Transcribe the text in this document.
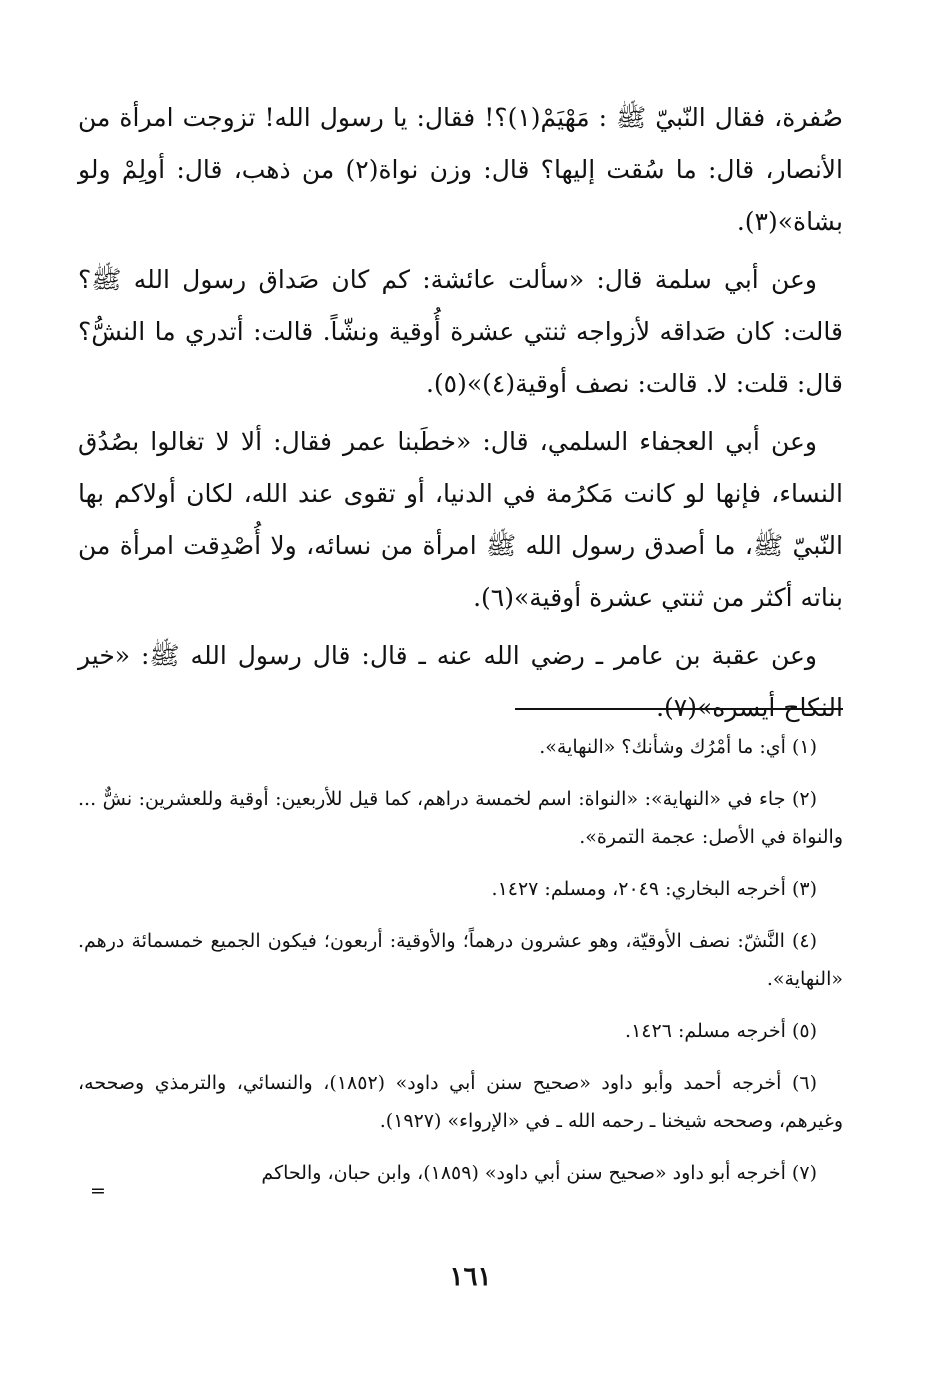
صُفرة، فقال النّبيّ ﷺ : مَهْيَمْ(١)؟! فقال: يا رسول الله! تزوجت امرأة من الأنصار، قال: ما سُقت إليها؟ قال: وزن نواة(٢) من ذهب، قال: أولِمْ ولو بشاة»(٣).

وعن أبي سلمة قال: «سألت عائشة: كم كان صَداق رسول الله ﷺ؟ قالت: كان صَداقه لأزواجه ثنتي عشرة أُوقية ونشّاً. قالت: أتدري ما النشُّ؟ قال: قلت: لا. قالت: نصف أوقية(٤)»(٥).

وعن أبي العجفاء السلمي، قال: «خطَبنا عمر فقال: ألا لا تغالوا بصُدُق النساء، فإنها لو كانت مَكرُمة في الدنيا، أو تقوى عند الله، لكان أولاكم بها النّبيّ ﷺ، ما أصدق رسول الله ﷺ امرأة من نسائه، ولا أُصْدِقت امرأة من بناته أكثر من ثنتي عشرة أوقية»(٦).

وعن عقبة بن عامر ـ رضي الله عنه ـ قال: قال رسول الله ﷺ: «خير النكاح أيسره»(٧).

(١) أي: ما أمْرُك وشأنك؟ «النهاية».

(٢) جاء في «النهاية»: «النواة: اسم لخمسة دراهم، كما قيل للأربعين: أوقية وللعشرين: نشٌّ ... والنواة في الأصل: عجمة التمرة».

(٣) أخرجه البخاري: ٢٠٤٩، ومسلم: ١٤٢٧.

(٤) النَّشّ: نصف الأوقيّة، وهو عشرون درهماً؛ والأوقية: أربعون؛ فيكون الجميع خمسمائة درهم. «النهاية».

(٥) أخرجه مسلم: ١٤٢٦.

(٦) أخرجه أحمد وأبو داود «صحيح سنن أبي داود» (١٨٥٢)، والنسائي، والترمذي وصححه، وغيرهم، وصححه شيخنا ـ رحمه الله ـ في «الإرواء» (١٩٢٧).

(٧) أخرجه أبو داود «صحيح سنن أبي داود» (١٨٥٩)، وابن حبان، والحاكم

=
١٦١
